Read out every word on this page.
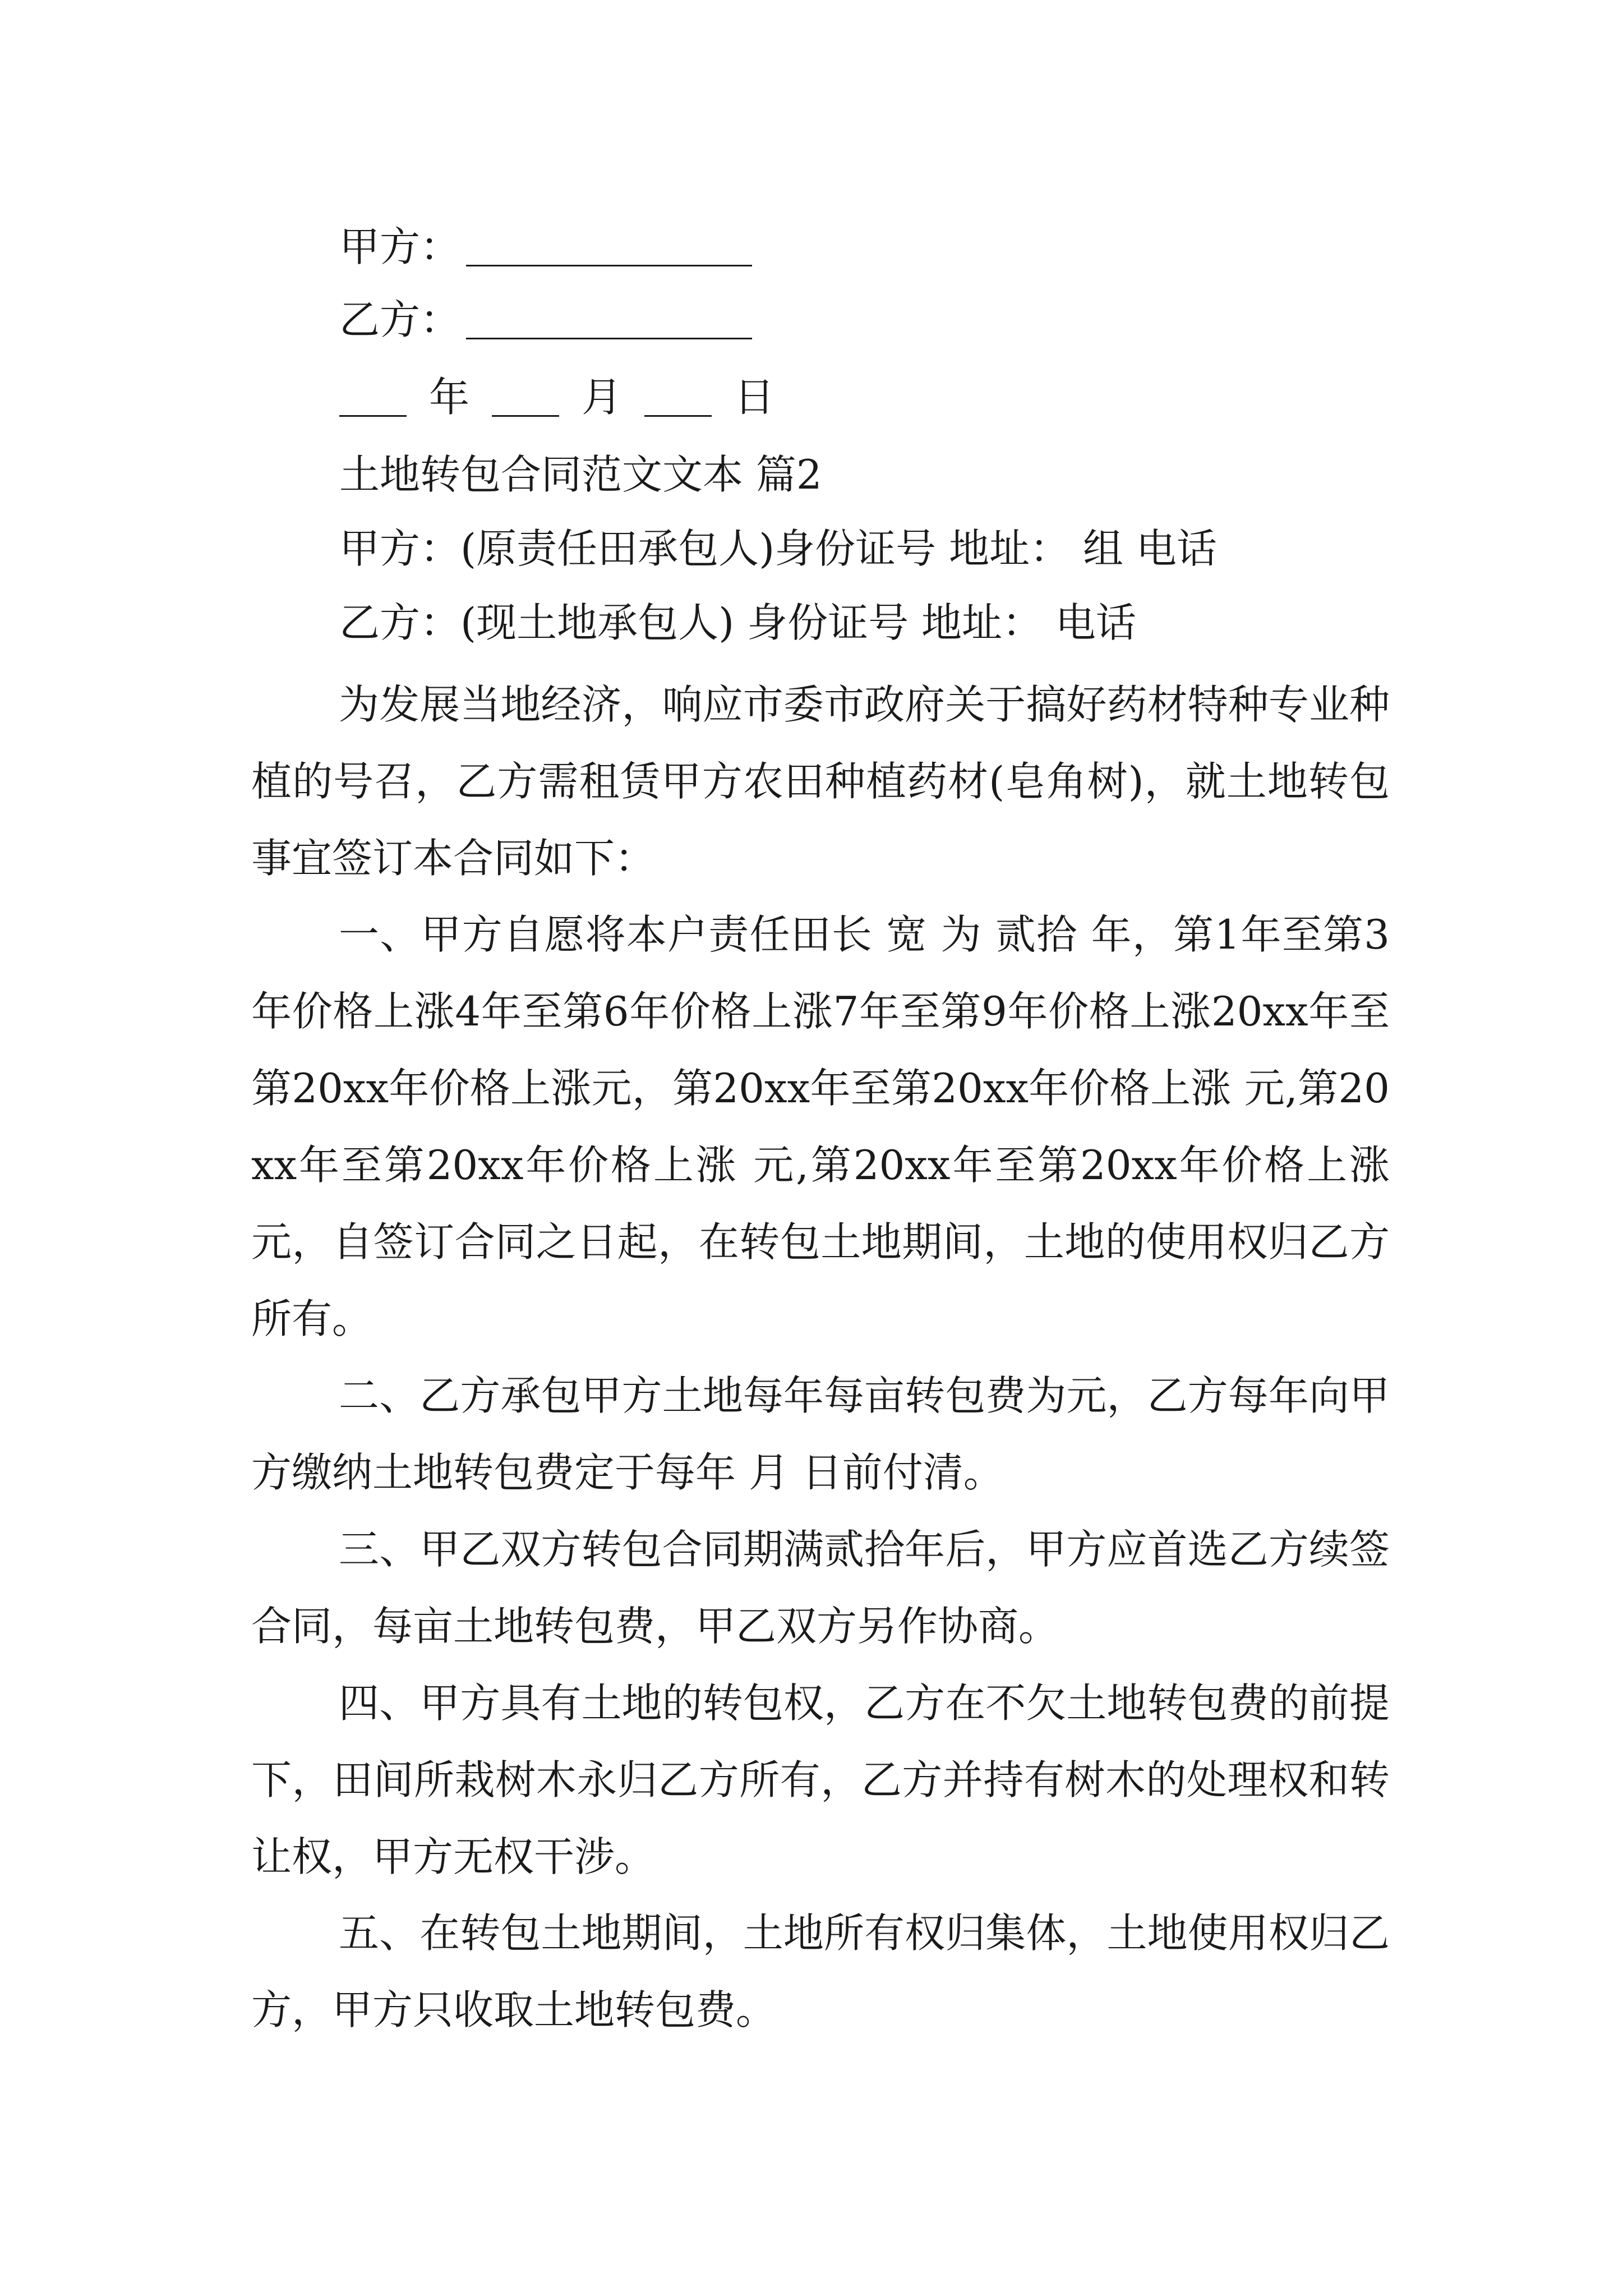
甲方：

乙方：

年	月	日

土地转包合同范文文本 篇2

甲方：(原责任田承包人)身份证号 地址： 组 电话

乙方：(现土地承包人) 身份证号 地址： 电话

为发展当地经济，响应市委市政府关于搞好药材特种专业种植的号召，乙方需租赁甲方农田种植药材(皂角树)，就土地转包事宜签订本合同如下：

一、甲方自愿将本户责任田长 宽 为 贰拾 年，第1年至第3年价格上涨4年至第6年价格上涨7年至第9年价格上涨20xx年至第20xx年价格上涨元，第20xx年至第20xx年价格上涨 元,第20xx年至第20xx年价格上涨 元,第20xx年至第20xx年价格上涨 元，自签订合同之日起，在转包土地期间，土地的使用权归乙方所有。

二、乙方承包甲方土地每年每亩转包费为元，乙方每年向甲方缴纳土地转包费定于每年 月 日前付清。

三、甲乙双方转包合同期满贰拾年后，甲方应首选乙方续签合同，每亩土地转包费，甲乙双方另作协商。

四、甲方具有土地的转包权，乙方在不欠土地转包费的前提下，田间所栽树木永归乙方所有，乙方并持有树木的处理权和转让权，甲方无权干涉。

五、在转包土地期间，土地所有权归集体，土地使用权归乙方，甲方只收取土地转包费。
